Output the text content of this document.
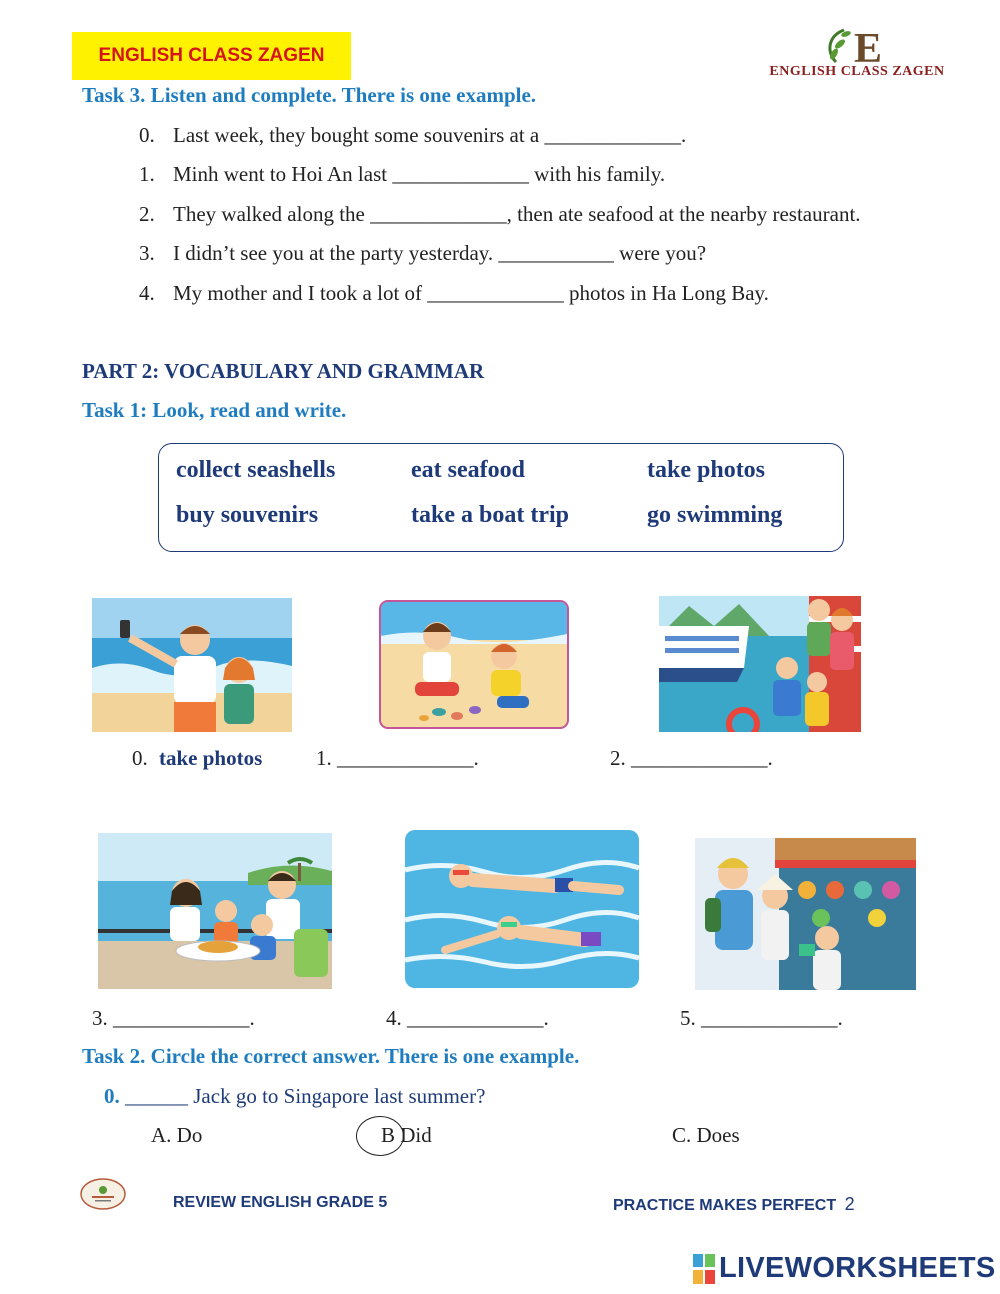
ENGLISH CLASS ZAGEN	E
ENGLISH CLASS ZAGEN
Task 3. Listen and complete. There is one example.
0. Last week, they bought some souvenirs at a _____________.
1. Minh went to Hoi An last _____________ with his family.
2. They walked along the _____________, then ate seafood at the nearby restaurant.
3. I didn’t see you at the party yesterday. ___________ were you?
4. My mother and I took a lot of _____________ photos in Ha Long Bay.
PART 2: VOCABULARY AND GRAMMAR
Task 1: Look, read and write.
collect seashells	eat seafood	take photos
buy souvenirs	take a boat trip	go swimming
0. take photos	1. _____________.	2. _____________.
3. _____________.	4. _____________.	5. _____________.
Task 2. Circle the correct answer. There is one example.
0. ______ Jack go to Singapore last summer?
A. Do	B Did	C. Does
REVIEW ENGLISH GRADE 5	PRACTICE MAKES PERFECT 2
LIVEWORKSHEETS
